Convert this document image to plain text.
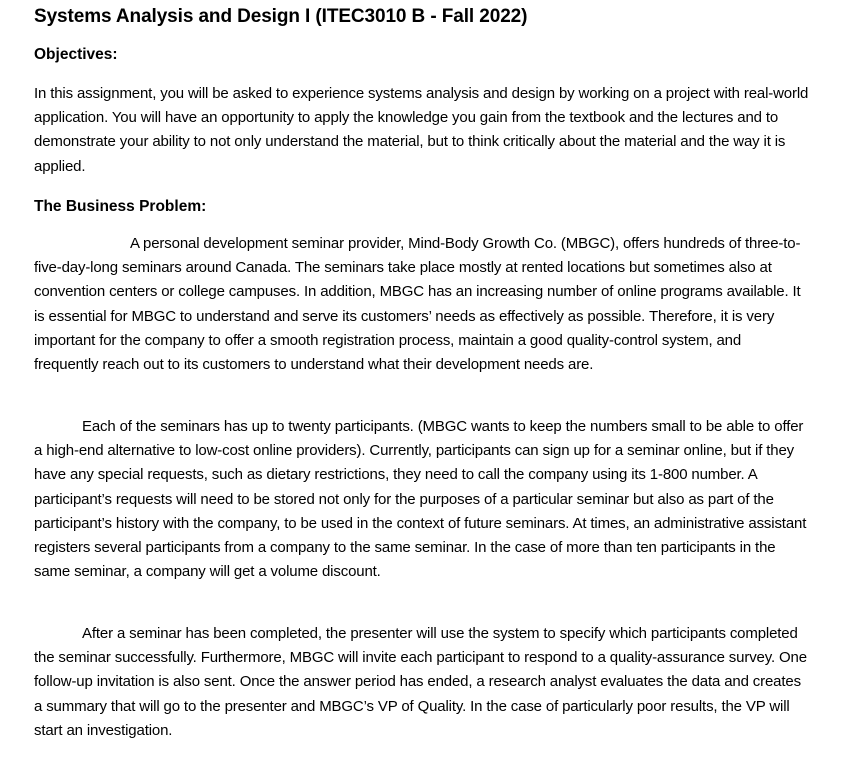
Systems Analysis and Design I (ITEC3010 B - Fall 2022)
Objectives:

In this assignment, you will be asked to experience systems analysis and design by working on a project with real-world application. You will have an opportunity to apply the knowledge you gain from the textbook and the lectures and to demonstrate your ability to not only understand the material, but to think critically about the material and the way it is applied.

The Business Problem:

A personal development seminar provider, Mind-Body Growth Co. (MBGC), offers hundreds of three-to-five-day-long seminars around Canada. The seminars take place mostly at rented locations but sometimes also at convention centers or college campuses. In addition, MBGC has an increasing number of online programs available. It is essential for MBGC to understand and serve its customers’ needs as effectively as possible. Therefore, it is very important for the company to offer a smooth registration process, maintain a good quality-control system, and frequently reach out to its customers to understand what their development needs are.

Each of the seminars has up to twenty participants. (MBGC wants to keep the numbers small to be able to offer a high-end alternative to low-cost online providers). Currently, participants can sign up for a seminar online, but if they have any special requests, such as dietary restrictions, they need to call the company using its 1-800 number. A participant’s requests will need to be stored not only for the purposes of a particular seminar but also as part of the participant’s history with the company, to be used in the context of future seminars. At times, an administrative assistant registers several participants from a company to the same seminar. In the case of more than ten participants in the same seminar, a company will get a volume discount.

After a seminar has been completed, the presenter will use the system to specify which participants completed the seminar successfully. Furthermore, MBGC will invite each participant to respond to a quality-assurance survey. One follow-up invitation is also sent. Once the answer period has ended, a research analyst evaluates the data and creates a summary that will go to the presenter and MBGC’s VP of Quality. In the case of particularly poor results, the VP will start an investigation.
